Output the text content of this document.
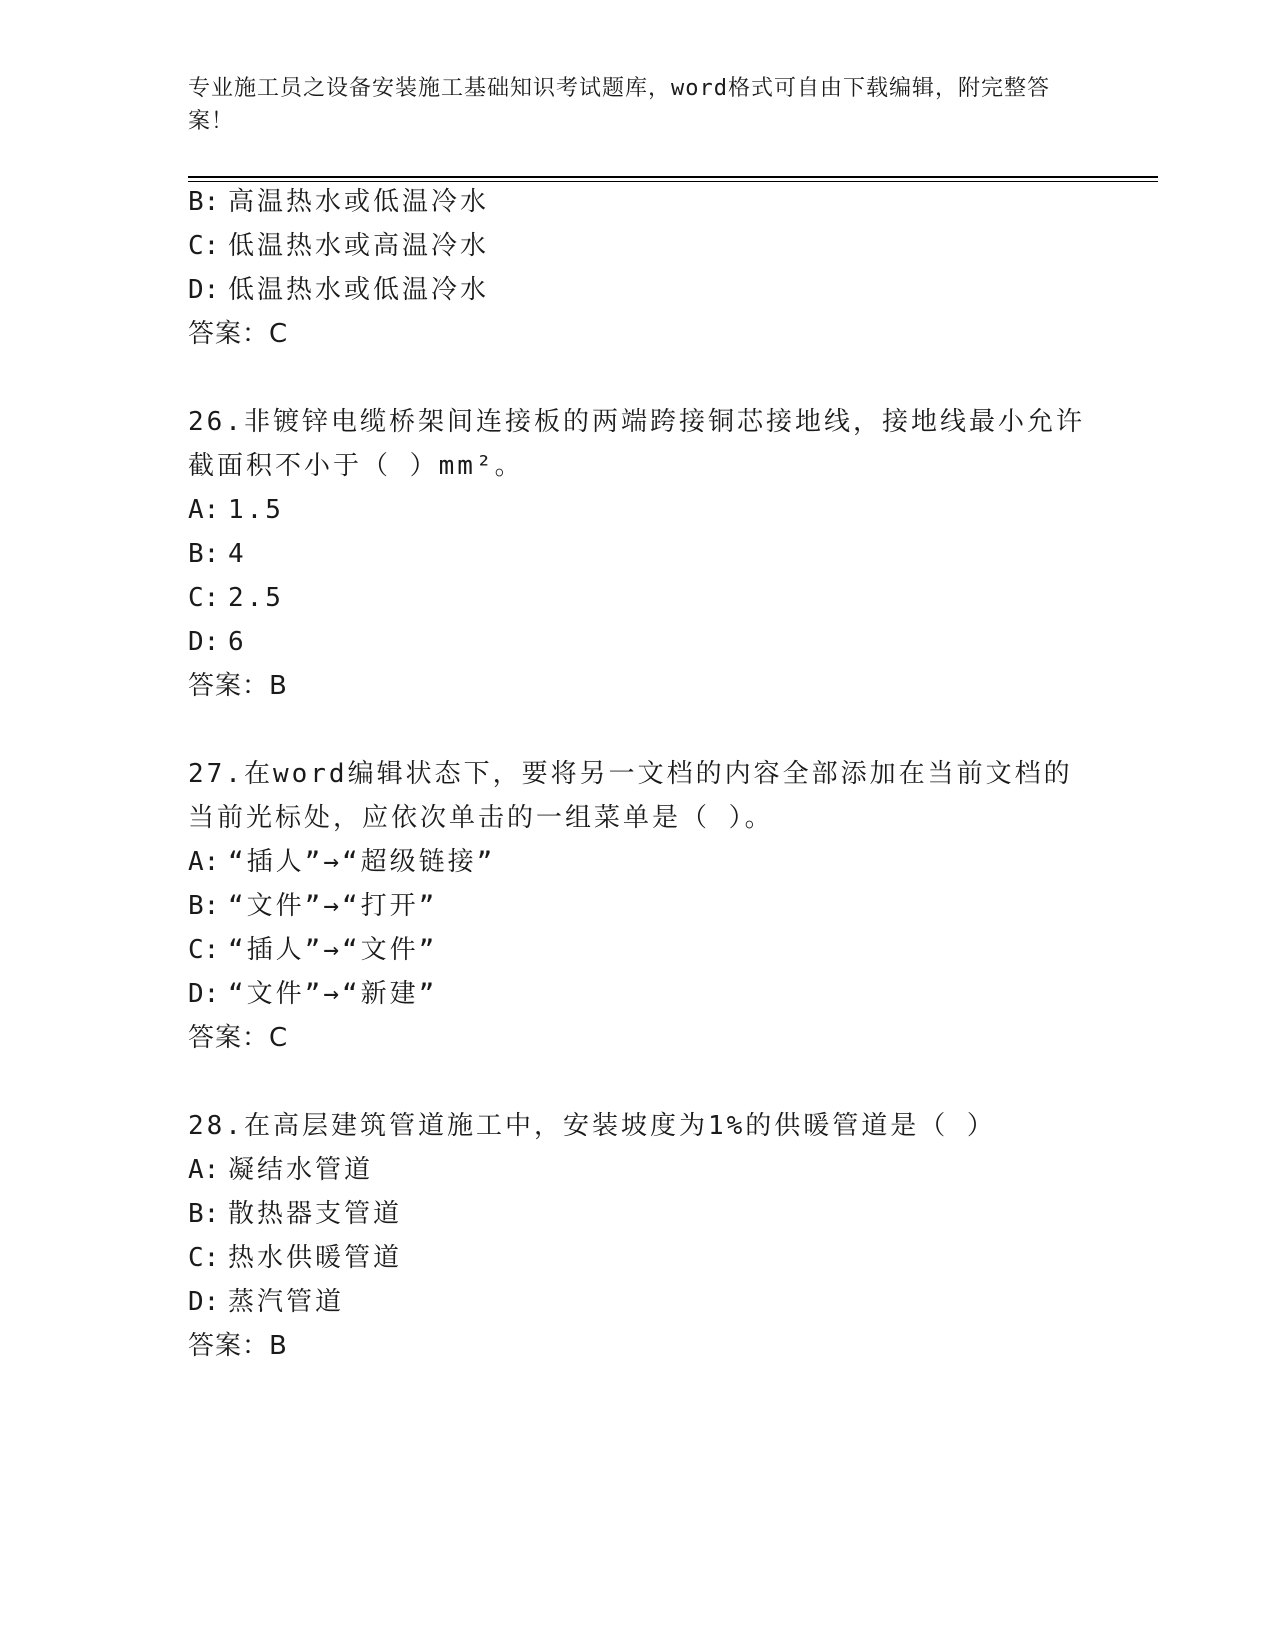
专业施工员之设备安装施工基础知识考试题库，word格式可自由下载编辑，附完整答案！
B: 高温热水或低温冷水
C: 低温热水或高温冷水
D: 低温热水或低温冷水
答案：C
26.非镀锌电缆桥架间连接板的两端跨接铜芯接地线，接地线最小允许
截面积不小于（ ）mm²。
A: 1.5
B: 4
C: 2.5
D: 6
答案：B
27.在word编辑状态下，要将另一文档的内容全部添加在当前文档的
当前光标处，应依次单击的一组菜单是（ ）。
A: “插人”→“超级链接”
B: “文件”→“打开”
C: “插人”→“文件”
D: “文件”→“新建”
答案：C
28.在高层建筑管道施工中，安装坡度为1%的供暖管道是（ ）
A: 凝结水管道
B: 散热器支管道
C: 热水供暖管道
D: 蒸汽管道
答案：B
